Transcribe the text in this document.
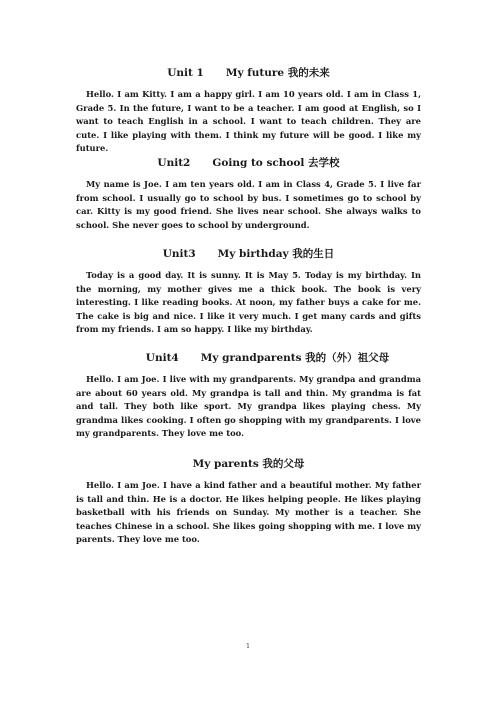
Unit 1 My future 我的未来

Hello. I am Kitty. I am a happy girl. I am 10 years old. I am in Class 1, Grade 5. In the future, I want to be a teacher. I am good at English, so I want to teach English in a school. I want to teach children. They are cute. I like playing with them. I think my future will be good. I like my future.

Unit2 Going to school 去学校

My name is Joe. I am ten years old. I am in Class 4, Grade 5. I live far from school. I usually go to school by bus. I sometimes go to school by car. Kitty is my good friend. She lives near school. She always walks to school. She never goes to school by underground.

Unit3 My birthday 我的生日

Today is a good day. It is sunny. It is May 5. Today is my birthday. In the morning, my mother gives me a thick book. The book is very interesting. I like reading books. At noon, my father buys a cake for me. The cake is big and nice. I like it very much. I get many cards and gifts from my friends. I am so happy. I like my birthday.

Unit4 My grandparents 我的（外）祖父母

Hello. I am Joe. I live with my grandparents. My grandpa and grandma are about 60 years old. My grandpa is tall and thin. My grandma is fat and tall. They both like sport. My grandpa likes playing chess. My grandma likes cooking. I often go shopping with my grandparents. I love my grandparents. They love me too.

My parents 我的父母

Hello. I am Joe. I have a kind father and a beautiful mother. My father is tall and thin. He is a doctor. He likes helping people. He likes playing basketball with his friends on Sunday. My mother is a teacher. She teaches Chinese in a school. She likes going shopping with me. I love my parents. They love me too.

1
